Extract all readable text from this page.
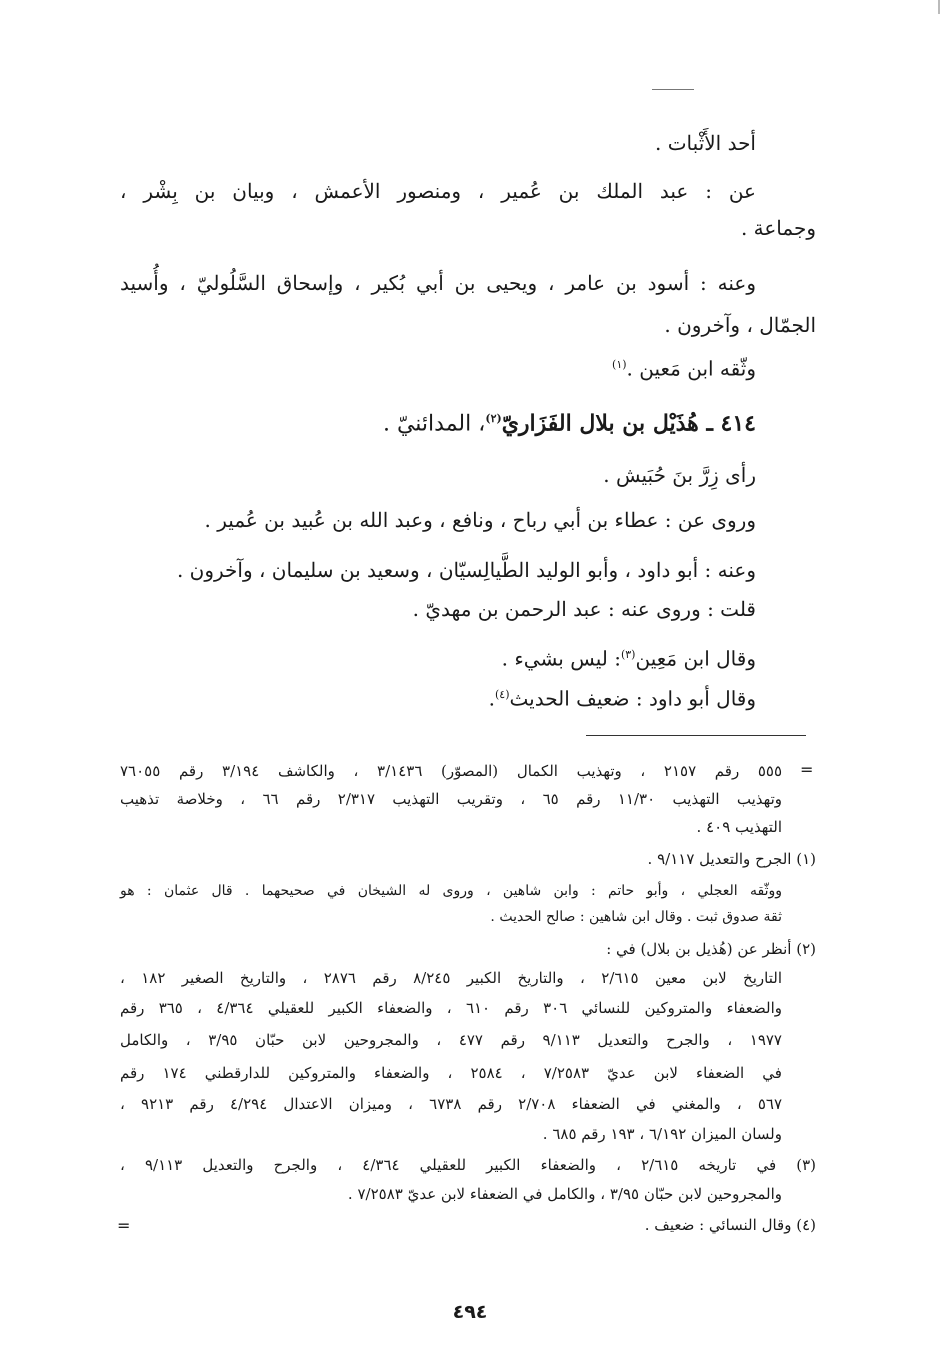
أحد الأَثْبات .
عن : عبد الملك بن عُمير ، ومنصور الأعمش ، وبيان بن بِشْر ،
وجماعة .
وعنه : أسود بن عامر ، ويحيى بن أبي بُكير ، وإسحاق السَّلُوليّ ، وأُسيد
الجمّال ، وآخرون .
وثّقه ابن مَعين .$^{(١)}$
٤١٤ ـ هُذَيْل بن بلال الفَزَاريّ$^{(٢)}$، المدائنيّ .
رأى زِرَّ بنَ حُبَيش .
وروى عن : عطاء بن أبي رباح ، ونافع ، وعبد الله بن عُبيد بن عُمير .
وعنه : أبو داود ، وأبو الوليد الطَّيالِسيّان ، وسعيد بن سليمان ، وآخرون .
قلت : وروى عنه : عبد الرحمن بن مهديّ .
وقال ابن مَعِين$^{(٣)}$: ليس بشيء .
وقال أبو داود : ضعيف الحديث$^{(٤)}$.
٥٥٥ رقم ٢١٥٧ ، وتهذيب الكمال (المصوّر) ٣/١٤٣٦ ، والكاشف ٣/١٩٤ رقم ٧٦٠٥٥
وتهذيب التهذيب ١١/٣٠ رقم ٦٥ ، وتقريب التهذيب ٢/٣١٧ رقم ٦٦ ، وخلاصة تذهيب
التهذيب ٤٠٩ .
(١) الجرح والتعديل ٩/١١٧ .
ووثّقه العجلي ، وأبو حاتم : وابن شاهين ، وروى له الشيخان في صحيحهما . قال عثمان : هو
ثقة صدوق ثبت . وقال ابن شاهين : صالح الحديث .
(٢) أنظر عن (هُذيل بن بلال) في :
التاريخ لابن معين ٢/٦١٥ ، والتاريخ الكبير ٨/٢٤٥ رقم ٢٨٧٦ ، والتاريخ الصغير ١٨٢ ،
والضعفاء والمتروكين للنسائي ٣٠٦ رقم ٦١٠ ، والضعفاء الكبير للعقيلي ٤/٣٦٤ ، ٣٦٥ رقم
١٩٧٧ ، والجرح والتعديل ٩/١١٣ رقم ٤٧٧ ، والمجروحين لابن حبّان ٣/٩٥ ، والكامل
في الضعفاء لابن عديّ ٧/٢٥٨٣ ، ٢٥٨٤ ، والضعفاء والمتروكين للدارقطني ١٧٤ رقم
٥٦٧ ، والمغني في الضعفاء ٢/٧٠٨ رقم ٦٧٣٨ ، وميزان الاعتدال ٤/٢٩٤ رقم ٩٢١٣ ،
ولسان الميزان ٦/١٩٢ ، ١٩٣ رقم ٦٨٥ .
(٣) في تاريخه ٢/٦١٥ ، والضعفاء الكبير للعقيلي ٤/٣٦٤ ، والجرح والتعديل ٩/١١٣ ،
والمجروحين لابن حبّان ٣/٩٥ ، والكامل في الضعفاء لابن عديّ ٧/٢٥٨٣ .
(٤) وقال النسائي : ضعيف .
=
=
٤٩٤
